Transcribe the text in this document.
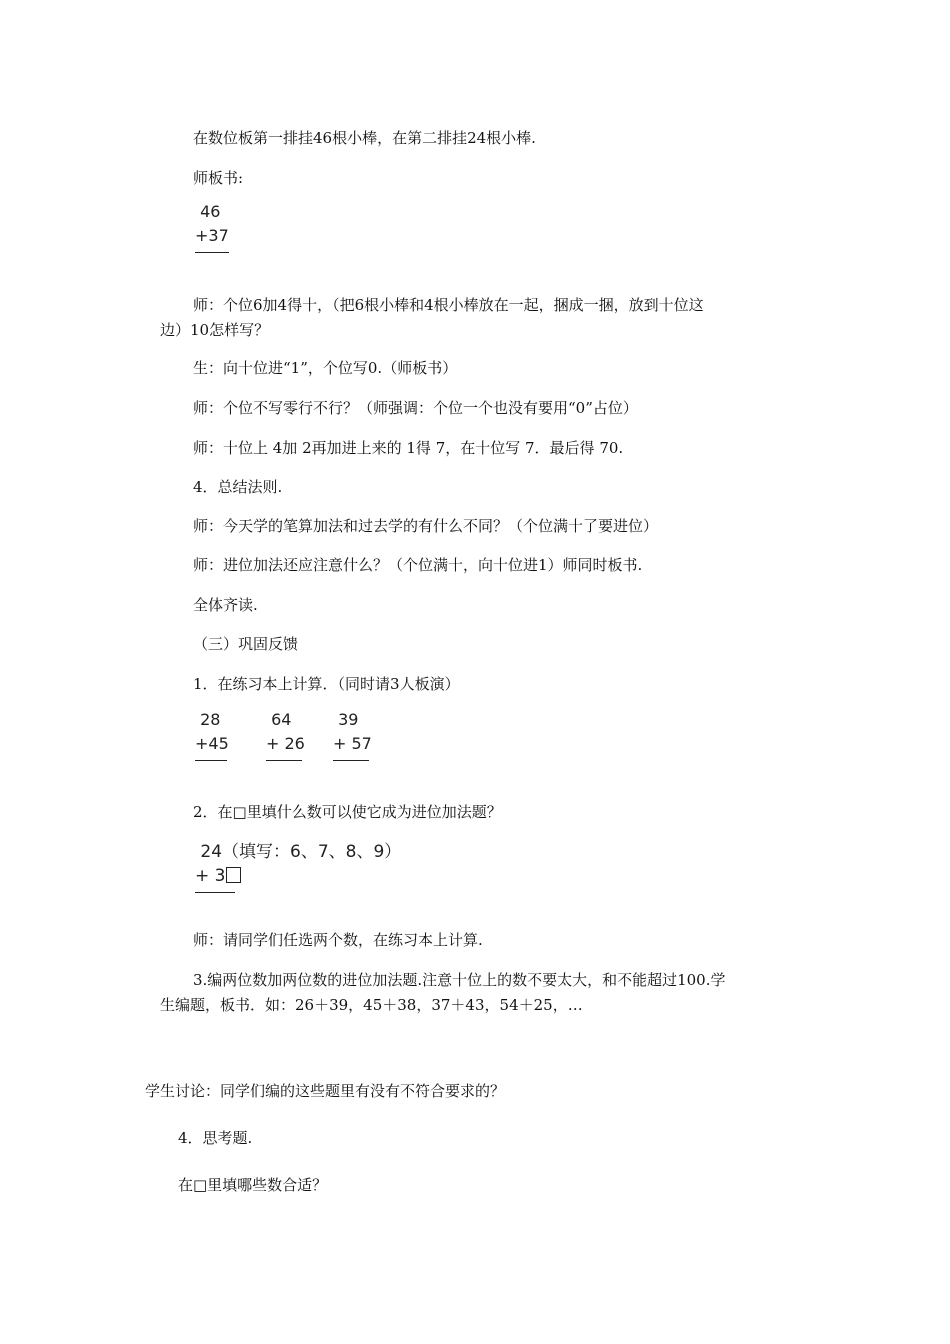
在数位板第一排挂46根小棒，在第二排挂24根小棒.
师板书:
46
+37
师：个位6加4得十，（把6根小棒和4根小棒放在一起，捆成一捆，放到十位这
边）10怎样写？
生：向十位进“1”，个位写0.（师板书）
师：个位不写零行不行？（师强调：个位一个也没有要用“0”占位）
师：十位上 4加 2再加进上来的 1得 7，在十位写 7．最后得 70.
4．总结法则.
师：今天学的笔算加法和过去学的有什么不同？（个位满十了要进位）
师：进位加法还应注意什么？（个位满十，向十位进1）师同时板书.
全体齐读.
（三）巩固反馈
1．在练习本上计算．（同时请3人板演）
28
+45
64
+ 26
39
+ 57
2．在□里填什么数可以使它成为进位加法题？
24（填写：6、7、8、9）
+ 3
师：请同学们任选两个数，在练习本上计算.
3.编两位数加两位数的进位加法题.注意十位上的数不要太大，和不能超过100.学
生编题，板书．如：26＋39，45＋38，37＋43，54＋25，…
学生讨论：同学们编的这些题里有没有不符合要求的？
4．思考题.
在□里填哪些数合适？
